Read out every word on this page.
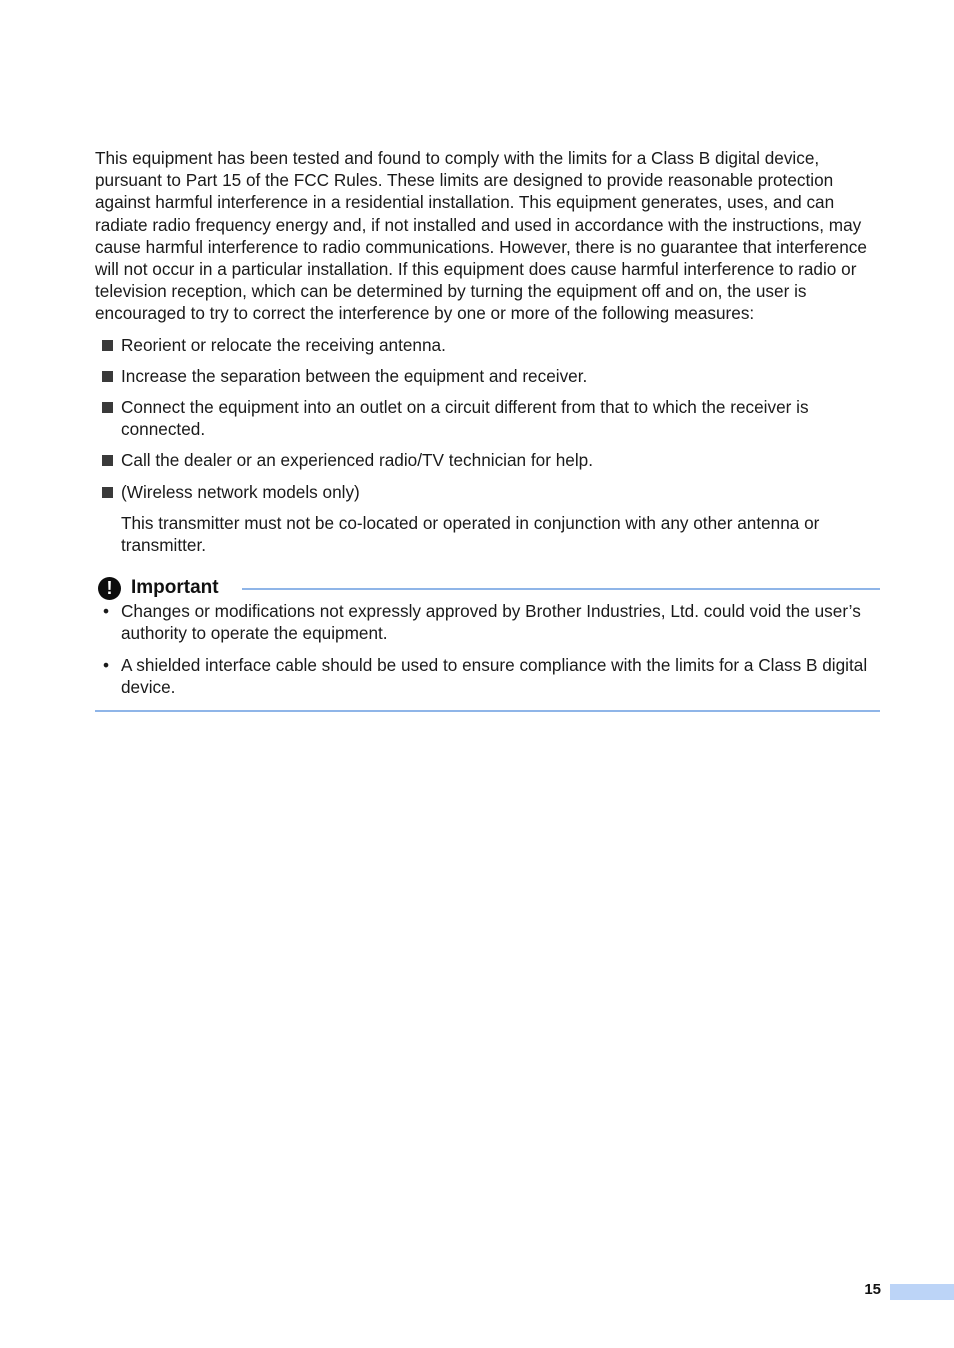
This equipment has been tested and found to comply with the limits for a Class B digital device, pursuant to Part 15 of the FCC Rules. These limits are designed to provide reasonable protection against harmful interference in a residential installation. This equipment generates, uses, and can radiate radio frequency energy and, if not installed and used in accordance with the instructions, may cause harmful interference to radio communications. However, there is no guarantee that interference will not occur in a particular installation. If this equipment does cause harmful interference to radio or television reception, which can be determined by turning the equipment off and on, the user is encouraged to try to correct the interference by one or more of the following measures:

Reorient or relocate the receiving antenna.
Increase the separation between the equipment and receiver.
Connect the equipment into an outlet on a circuit different from that to which the receiver is connected.
Call the dealer or an experienced radio/TV technician for help.
(Wireless network models only)
This transmitter must not be co-located or operated in conjunction with any other antenna or transmitter.
! Important
• Changes or modifications not expressly approved by Brother Industries, Ltd. could void the user’s authority to operate the equipment.
• A shielded interface cable should be used to ensure compliance with the limits for a Class B digital device.
15
